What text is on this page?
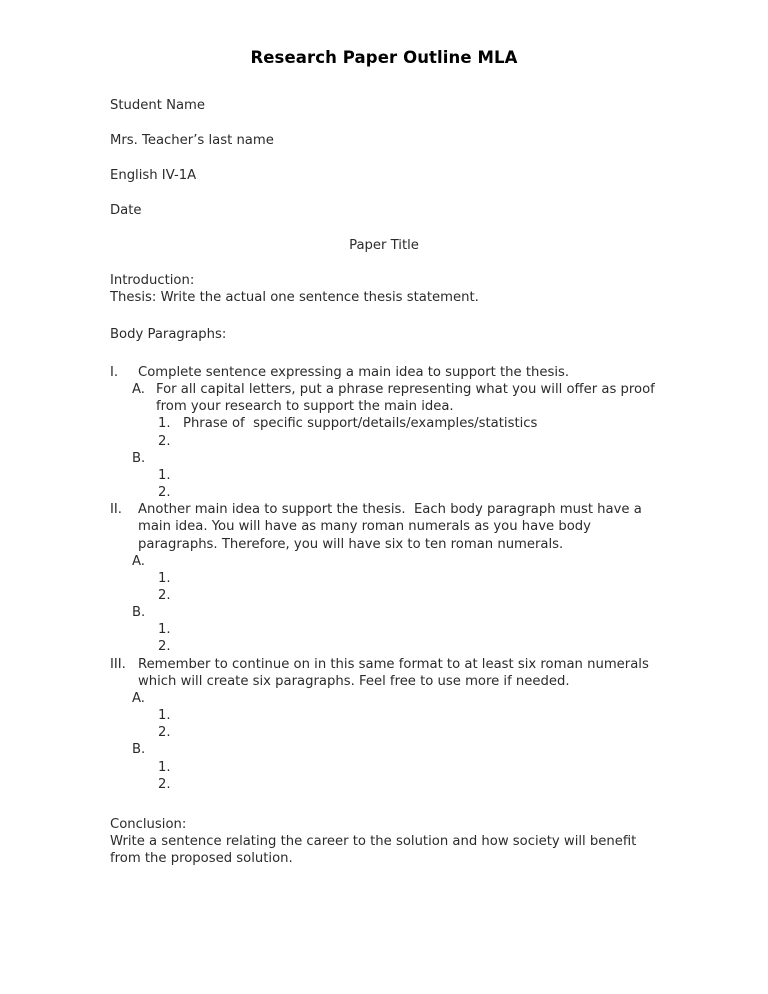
Research Paper Outline MLA

Student Name

Mrs. Teacher’s last name

English IV-1A

Date

Paper Title

Introduction:

Thesis: Write the actual one sentence thesis statement.

Body Paragraphs:

I.	Complete sentence expressing a main idea to support the thesis.
A. For all capital letters, put a phrase representing what you will offer as proof from your research to support the main idea.
1. Phrase of  specific support/details/examples/statistics
2.
B.
1.
2.
II.	Another main idea to support the thesis.  Each body paragraph must have a main idea. You will have as many roman numerals as you have body paragraphs. Therefore, you will have six to ten roman numerals.
A.
1.
2.
B.
1.
2.
III. Remember to continue on in this same format to at least six roman numerals which will create six paragraphs. Feel free to use more if needed.
A.
1.
2.
B.
1.
2.

Conclusion:

Write a sentence relating the career to the solution and how society will benefit from the proposed solution.
